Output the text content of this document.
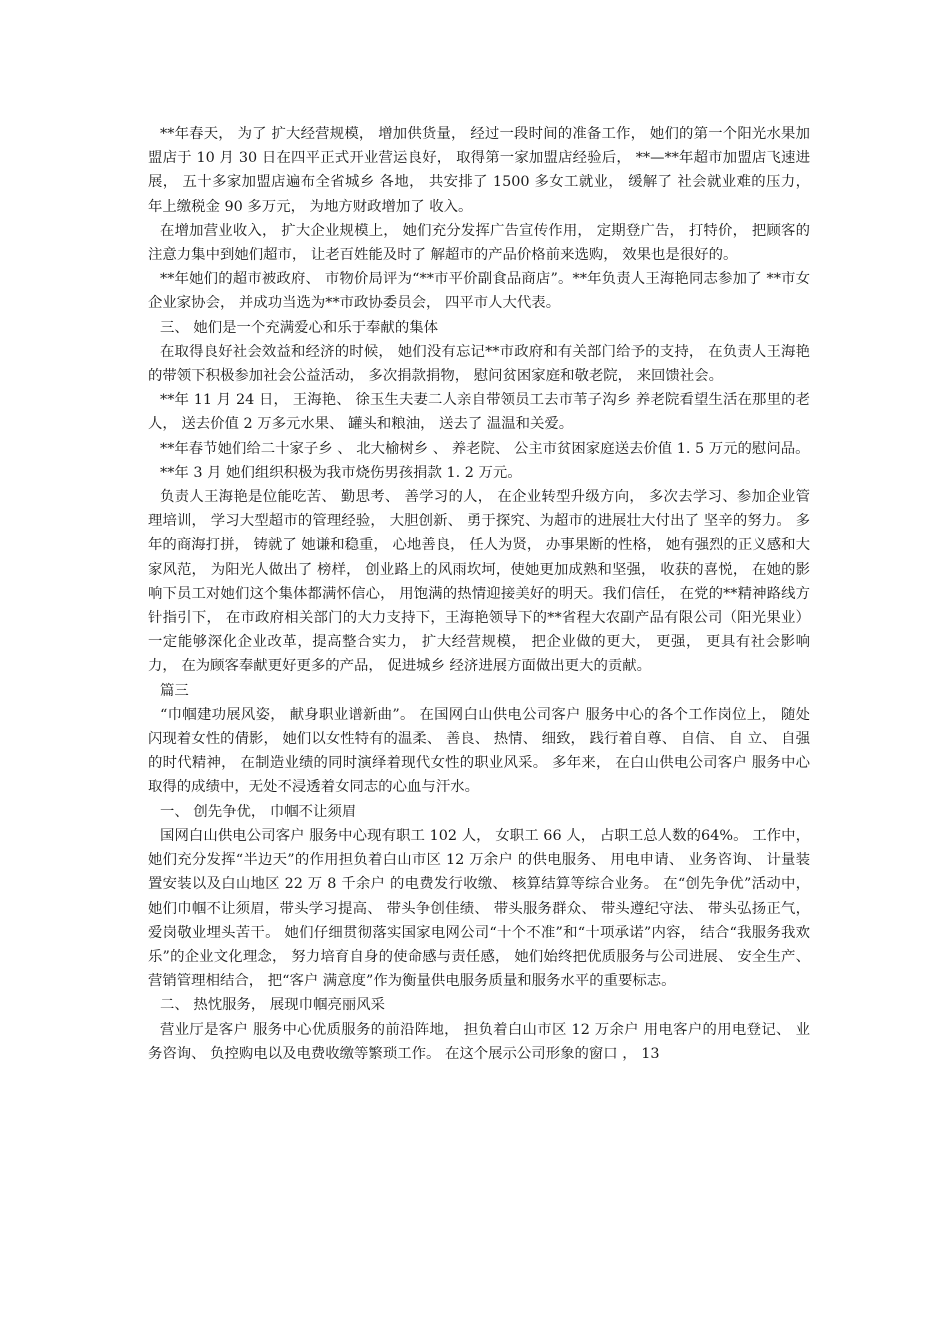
**年春天， 为了 扩大经营规模， 增加供货量， 经过一段时间的准备工作， 她们的第一个阳光水果加盟店于 10 月 30 日在四平正式开业营运良好， 取得第一家加盟店经验后， **—**年超市加盟店飞速进展， 五十多家加盟店遍布全省城乡 各地， 共安排了 1500 多女工就业， 缓解了 社会就业难的压力， 年上缴税金 90 多万元， 为地方财政增加了 收入。

在增加营业收入， 扩大企业规模上， 她们充分发挥广告宣传作用， 定期登广告， 打特价， 把顾客的注意力集中到她们超市， 让老百姓能及时了 解超市的产品价格前来选购， 效果也是很好的。

**年她们的超市被政府、 市物价局评为“**市平价副食品商店”。**年负责人王海艳同志参加了 **市女企业家协会， 并成功当选为**市政协委员会， 四平市人大代表。

三、 她们是一个充满爱心和乐于奉献的集体

在取得良好社会效益和经济的时候， 她们没有忘记**市政府和有关部门给予的支持， 在负责人王海艳的带领下积极参加社会公益活动， 多次捐款捐物， 慰问贫困家庭和敬老院， 来回馈社会。

**年 11 月 24 日， 王海艳、 徐玉生夫妻二人亲自带领员工去市苇子沟乡 养老院看望生活在那里的老人， 送去价值 2 万多元水果、 罐头和粮油， 送去了 温温和关爱。

**年春节她们给二十家子乡 、 北大榆树乡 、 养老院、 公主市贫困家庭送去价值 1. 5 万元的慰问品。

**年 3 月 她们组织积极为我市烧伤男孩捐款 1. 2 万元。

负责人王海艳是位能吃苦、 勤思考、 善学习的人， 在企业转型升级方向， 多次去学习、参加企业管理培训， 学习大型超市的管理经验， 大胆创新、 勇于探究、为超市的进展壮大付出了 坚辛的努力。 多年的商海打拼， 铸就了 她谦和稳重， 心地善良， 任人为贤， 办事果断的性格， 她有强烈的正义感和大家风范， 为阳光人做出了 榜样， 创业路上的风雨坎坷，使她更加成熟和坚强， 收获的喜悦， 在她的影响下员工对她们这个集体都满怀信心， 用饱满的热情迎接美好的明天。我们信任， 在党的**精神路线方针指引下， 在市政府相关部门的大力支持下，王海艳领导下的**省程大农副产品有限公司（阳光果业） 一定能够深化企业改革，提高整合实力， 扩大经营规模， 把企业做的更大， 更强， 更具有社会影响力， 在为顾客奉献更好更多的产品， 促进城乡 经济进展方面做出更大的贡献。

篇三

“巾帼建功展风姿， 献身职业谱新曲”。 在国网白山供电公司客户 服务中心的各个工作岗位上， 随处闪现着女性的倩影， 她们以女性特有的温柔、 善良、 热情、 细致， 践行着自尊、 自信、 自 立、 自强的时代精神， 在制造业绩的同时演绎着现代女性的职业风采。 多年来， 在白山供电公司客户 服务中心取得的成绩中，无处不浸透着女同志的心血与汗水。

一、 创先争优， 巾帼不让须眉

国网白山供电公司客户 服务中心现有职工 102 人， 女职工 66 人， 占职工总人数的64%。 工作中， 她们充分发挥“半边天”的作用担负着白山市区 12 万余户 的供电服务、 用电申请、 业务咨询、 计量装置安装以及白山地区 22 万 8 千余户 的电费发行收缴、 核算结算等综合业务。 在“创先争优”活动中， 她们巾帼不让须眉，带头学习提高、 带头争创佳绩、 带头服务群众、 带头遵纪守法、 带头弘扬正气，爱岗敬业埋头苦干。 她们仔细贯彻落实国家电网公司“十个不准”和“十项承诺”内容， 结合“我服务我欢乐”的企业文化理念， 努力培育自身的使命感与责任感， 她们始终把优质服务与公司进展、 安全生产、 营销管理相结合， 把“客户 满意度”作为衡量供电服务质量和服务水平的重要标志。

二、 热忱服务， 展现巾帼亮丽风采

营业厅是客户 服务中心优质服务的前沿阵地， 担负着白山市区 12 万余户 用电客户的用电登记、 业务咨询、 负控购电以及电费收缴等繁琐工作。 在这个展示公司形象的窗口 ， 13
